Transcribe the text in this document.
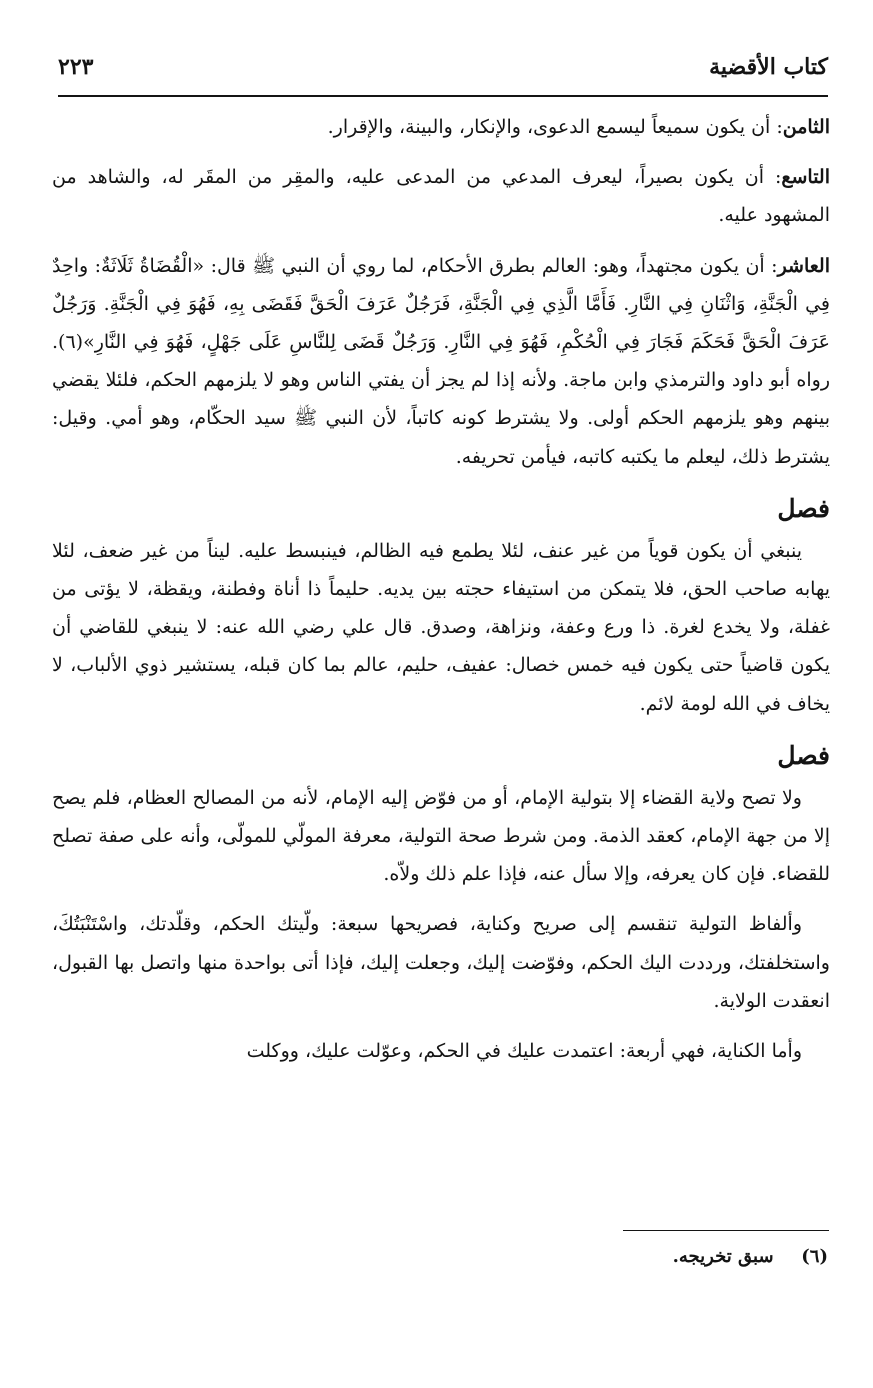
كتاب الأقضية
٢٢٣

الثامن: أن يكون سميعاً ليسمع الدعوى، والإنكار، والبينة، والإقرار.

التاسع: أن يكون بصيراً، ليعرف المدعي من المدعى عليه، والمقِر من المقَر له، والشاهد من المشهود عليه.

العاشر: أن يكون مجتهداً، وهو: العالم بطرق الأحكام، لما روي أن النبي ﷺ قال: «الْقُضَاةُ ثَلَاثَةٌ: واحِدٌ فِي الْجَنَّةِ، وَاثْنَانِ فِي النَّارِ. فَأَمَّا الَّذِي فِي الْجَنَّةِ، فَرَجُلٌ عَرَفَ الْحَقَّ فَقَضَى بِهِ، فَهُوَ فِي الْجَنَّةِ. وَرَجُلٌ عَرَفَ الْحَقَّ فَحَكَمَ فَجَارَ فِي الْحُكْمِ، فَهُوَ فِي النَّارِ. وَرَجُلٌ قَضَى لِلنَّاسِ عَلَى جَهْلٍ، فَهُوَ فِي النَّارِ»(٦). رواه أبو داود والترمذي وابن ماجة. ولأنه إذا لم يجز أن يفتي الناس وهو لا يلزمهم الحكم، فلئلا يقضي بينهم وهو يلزمهم الحكم أولى. ولا يشترط كونه كاتباً، لأن النبي ﷺ سيد الحكّام، وهو أمي. وقيل: يشترط ذلك، ليعلم ما يكتبه كاتبه، فيأمن تحريفه.

فصل

ينبغي أن يكون قوياً من غير عنف، لئلا يطمع فيه الظالم، فينبسط عليه. ليناً من غير ضعف، لئلا يهابه صاحب الحق، فلا يتمكن من استيفاء حجته بين يديه. حليماً ذا أناة وفطنة، ويقظة، لا يؤتى من غفلة، ولا يخدع لغرة. ذا ورع وعفة، ونزاهة، وصدق. قال علي رضي الله عنه: لا ينبغي للقاضي أن يكون قاضياً حتى يكون فيه خمس خصال: عفيف، حليم، عالم بما كان قبله، يستشير ذوي الألباب، لا يخاف في الله لومة لائم.

فصل

ولا تصح ولاية القضاء إلا بتولية الإمام، أو من فوّض إليه الإمام، لأنه من المصالح العظام، فلم يصح إلا من جهة الإمام، كعقد الذمة. ومن شرط صحة التولية، معرفة المولّي للمولّى، وأنه على صفة تصلح للقضاء. فإن كان يعرفه، وإلا سأل عنه، فإذا علم ذلك ولاّه.

وألفاظ التولية تنقسم إلى صريح وكناية، فصريحها سبعة: ولّيتك الحكم، وقلّدتك، واسْتَنْبَتُكَ، واستخلفتك، ورددت اليك الحكم، وفوّضت إليك، وجعلت إليك، فإذا أتى بواحدة منها واتصل بها القبول، انعقدت الولاية.

وأما الكناية، فهي أربعة: اعتمدت عليك في الحكم، وعوّلت عليك، ووكلت

(٦) سبق تخريجه.
